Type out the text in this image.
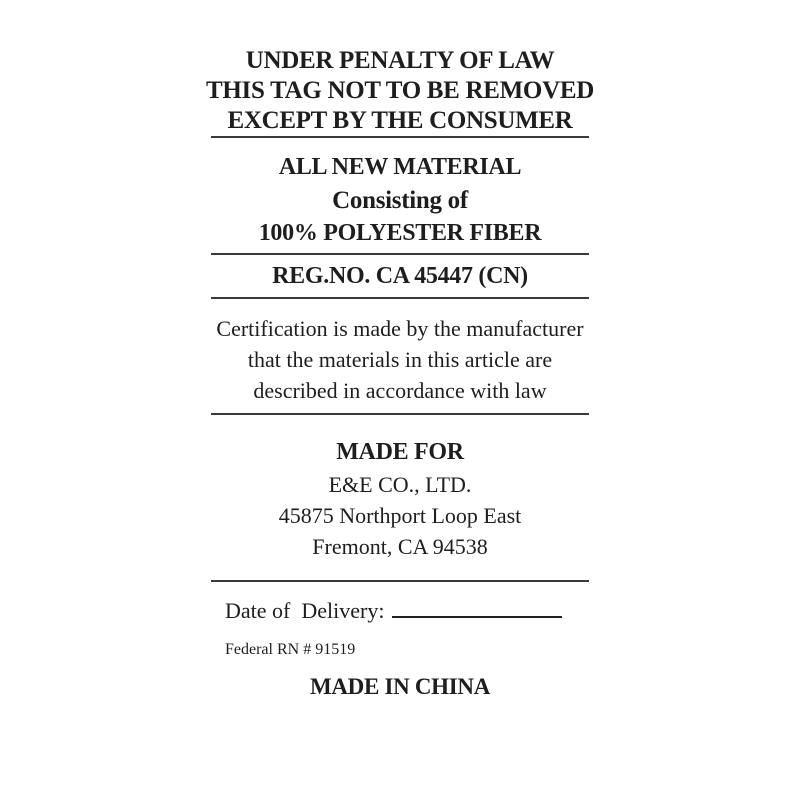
UNDER PENALTY OF LAW
THIS TAG NOT TO BE REMOVED
EXCEPT BY THE CONSUMER
ALL NEW MATERIAL
Consisting of
100% POLYESTER FIBER
REG.NO. CA 45447 (CN)
Certification is made by the manufacturer
that the materials in this article are
described in accordance with law
MADE FOR
E&E CO., LTD.
45875 Northport Loop East
Fremont, CA 94538
Date of  Delivery:
Federal RN # 91519
MADE IN CHINA
